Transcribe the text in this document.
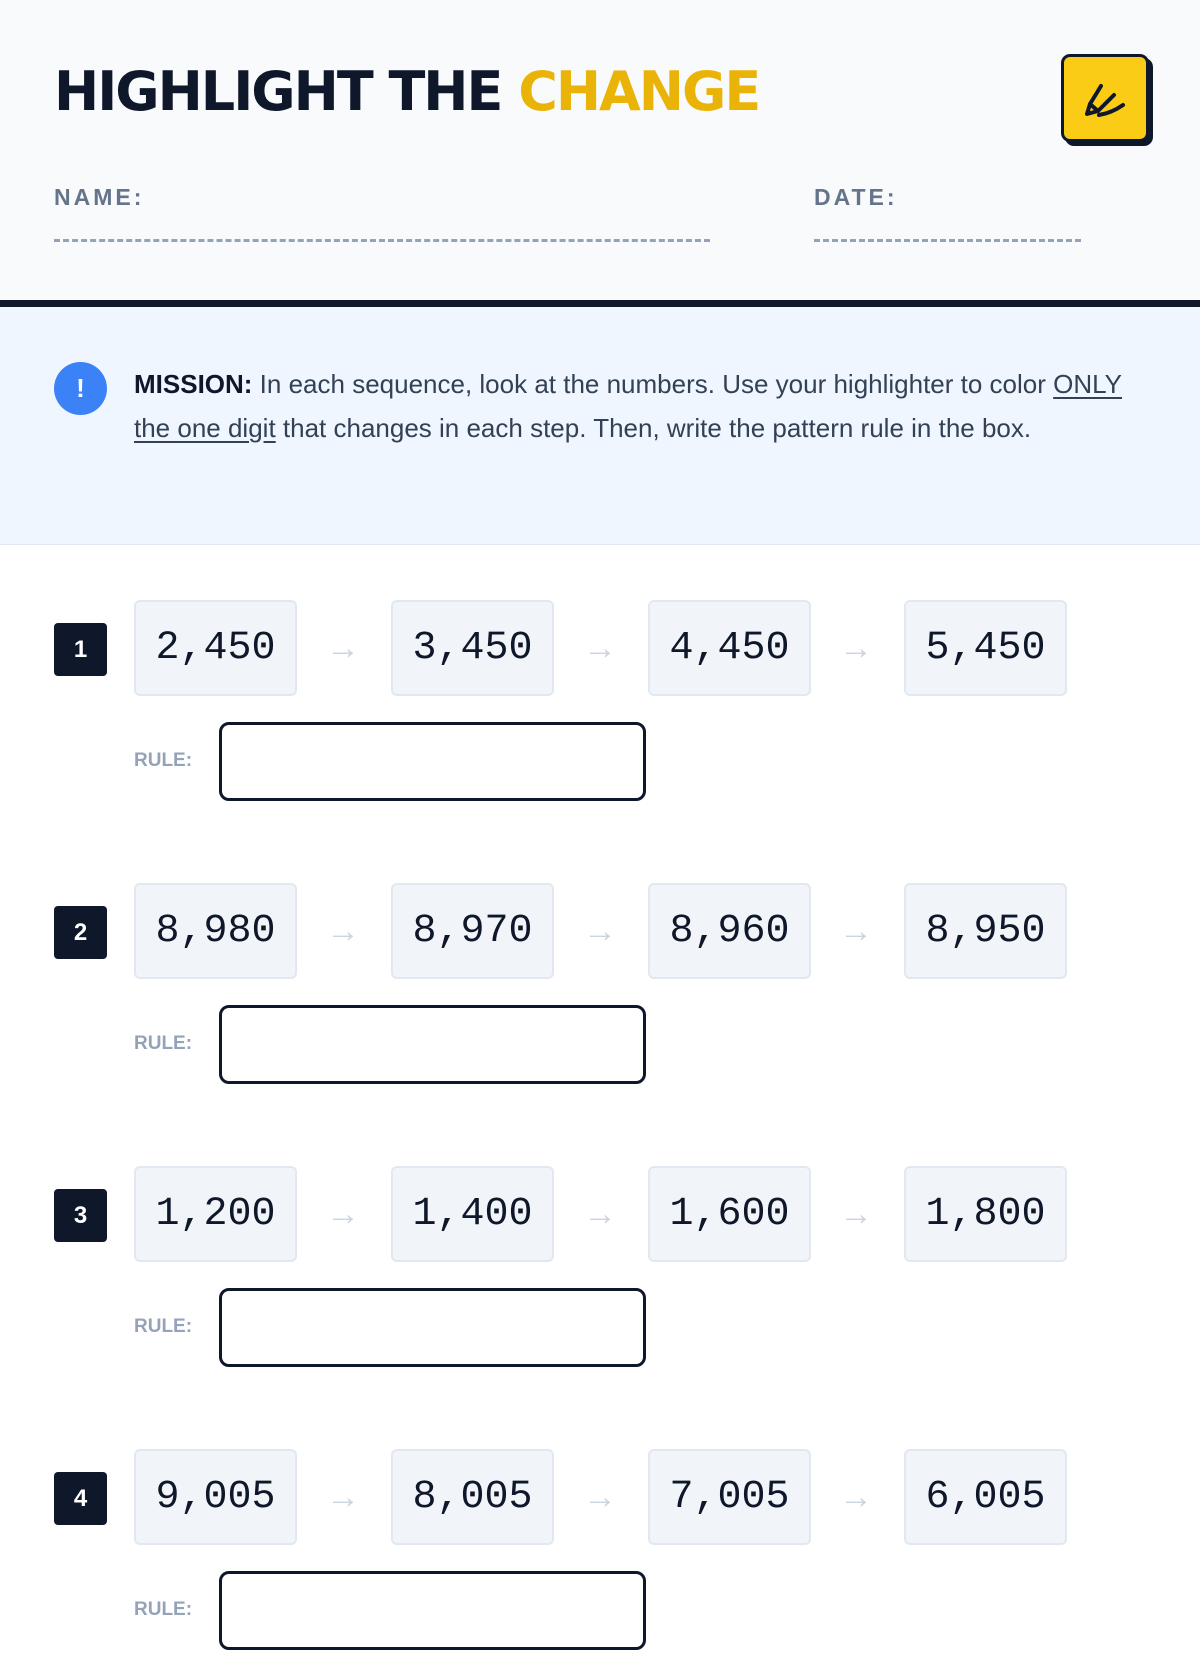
HIGHLIGHT THE CHANGE
NAME:	DATE:
!	MISSION: In each sequence, look at the numbers. Use your highlighter to color ONLY the one digit that changes in each step. Then, write the pattern rule in the box.

1	2,450	→	3,450	→	4,450	→	5,450
RULE:
2	8,980	→	8,970	→	8,960	→	8,950
RULE:
3	1,200	→	1,400	→	1,600	→	1,800
RULE:
4	9,005	→	8,005	→	7,005	→	6,005
RULE:
